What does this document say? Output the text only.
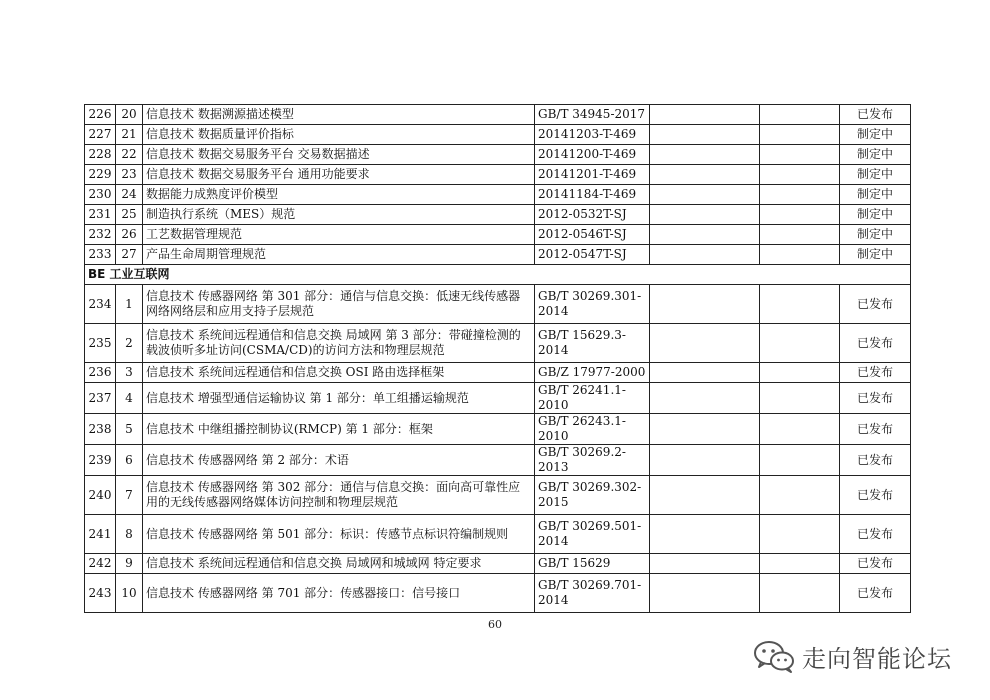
226	20	信息技术 数据溯源描述模型	GB/T 34945-2017			已发布
227	21	信息技术 数据质量评价指标	20141203-T-469			制定中
228	22	信息技术 数据交易服务平台 交易数据描述	20141200-T-469			制定中
229	23	信息技术 数据交易服务平台 通用功能要求	20141201-T-469			制定中
230	24	数据能力成熟度评价模型	20141184-T-469			制定中
231	25	制造执行系统（MES）规范	2012-0532T-SJ			制定中
232	26	工艺数据管理规范	2012-0546T-SJ			制定中
233	27	产品生命周期管理规范	2012-0547T-SJ			制定中
BE 工业互联网						
234	1	信息技术 传感器网络 第 301 部分：通信与信息交换：低速无线传感器网络网络层和应用支持子层规范	GB/T 30269.301-2014			已发布
235	2	信息技术 系统间远程通信和信息交换 局域网 第 3 部分：带碰撞检测的载波侦听多址访问(CSMA/CD)的访问方法和物理层规范	GB/T 15629.3-2014			已发布
236	3	信息技术 系统间远程通信和信息交换 OSI 路由选择框架	GB/Z 17977-2000			已发布
237	4	信息技术 增强型通信运输协议 第 1 部分：单工组播运输规范	GB/T 26241.1-2010			已发布
238	5	信息技术 中继组播控制协议(RMCP) 第 1 部分：框架	GB/T 26243.1-2010			已发布
239	6	信息技术 传感器网络 第 2 部分：术语	GB/T 30269.2-2013			已发布
240	7	信息技术 传感器网络 第 302 部分：通信与信息交换：面向高可靠性应用的无线传感器网络媒体访问控制和物理层规范	GB/T 30269.302-2015			已发布
241	8	信息技术 传感器网络 第 501 部分：标识：传感节点标识符编制规则	GB/T 30269.501-2014			已发布
242	9	信息技术 系统间远程通信和信息交换 局域网和城域网 特定要求	GB/T 15629			已发布
243	10	信息技术 传感器网络 第 701 部分：传感器接口：信号接口	GB/T 30269.701-2014			已发布
60
走向智能论坛
